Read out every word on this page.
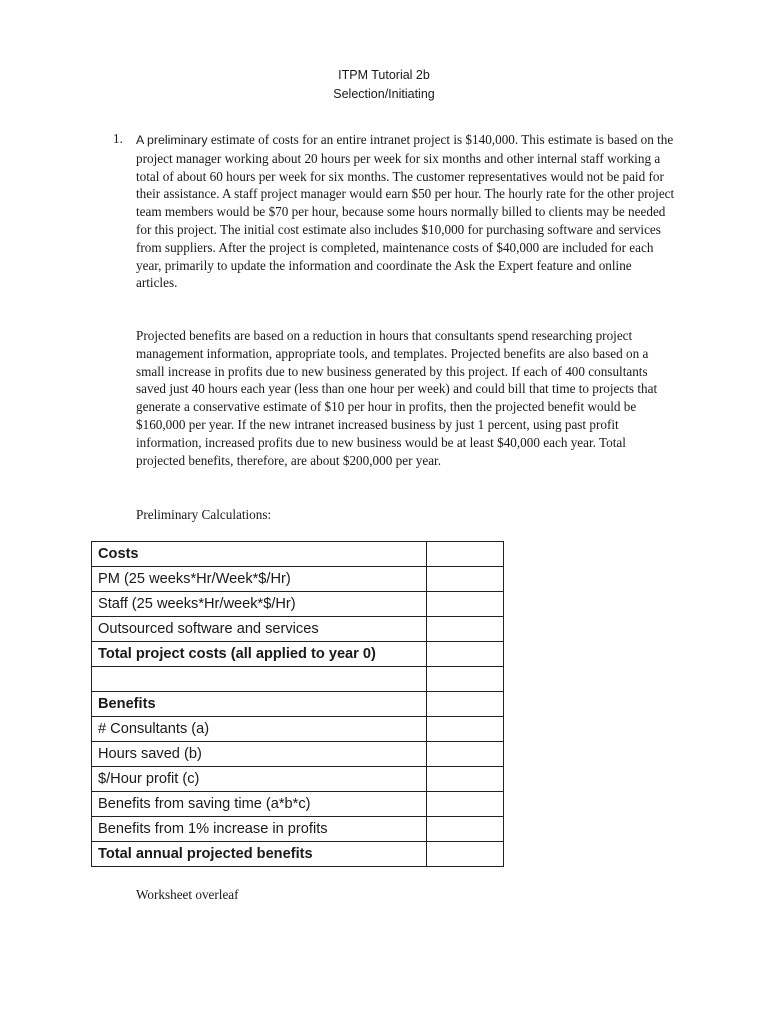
ITPM Tutorial 2b
Selection/Initiating
1. A preliminary estimate of costs for an entire intranet project is $140,000. This estimate is based on the project manager working about 20 hours per week for six months and other internal staff working a total of about 60 hours per week for six months. The customer representatives would not be paid for their assistance. A staff project manager would earn $50 per hour. The hourly rate for the other project team members would be $70 per hour, because some hours normally billed to clients may be needed for this project. The initial cost estimate also includes $10,000 for purchasing software and services from suppliers. After the project is completed, maintenance costs of $40,000 are included for each year, primarily to update the information and coordinate the Ask the Expert feature and online articles.

Projected benefits are based on a reduction in hours that consultants spend researching project management information, appropriate tools, and templates. Projected benefits are also based on a small increase in profits due to new business generated by this project. If each of 400 consultants saved just 40 hours each year (less than one hour per week) and could bill that time to projects that generate a conservative estimate of $10 per hour in profits, then the projected benefit would be $160,000 per year. If the new intranet increased business by just 1 percent, using past profit information, increased profits due to new business would be at least $40,000 each year. Total projected benefits, therefore, are about $200,000 per year.

Preliminary Calculations:

Costs	
PM (25 weeks*Hr/Week*$/Hr)	
Staff (25 weeks*Hr/week*$/Hr)	
Outsourced software and services	
Total project costs (all applied to year 0)	

Benefits	
# Consultants (a)	
Hours saved (b)	
$/Hour profit (c)	
Benefits from saving time (a*b*c)	
Benefits from 1% increase in profits	
Total annual projected benefits	
Worksheet overleaf
